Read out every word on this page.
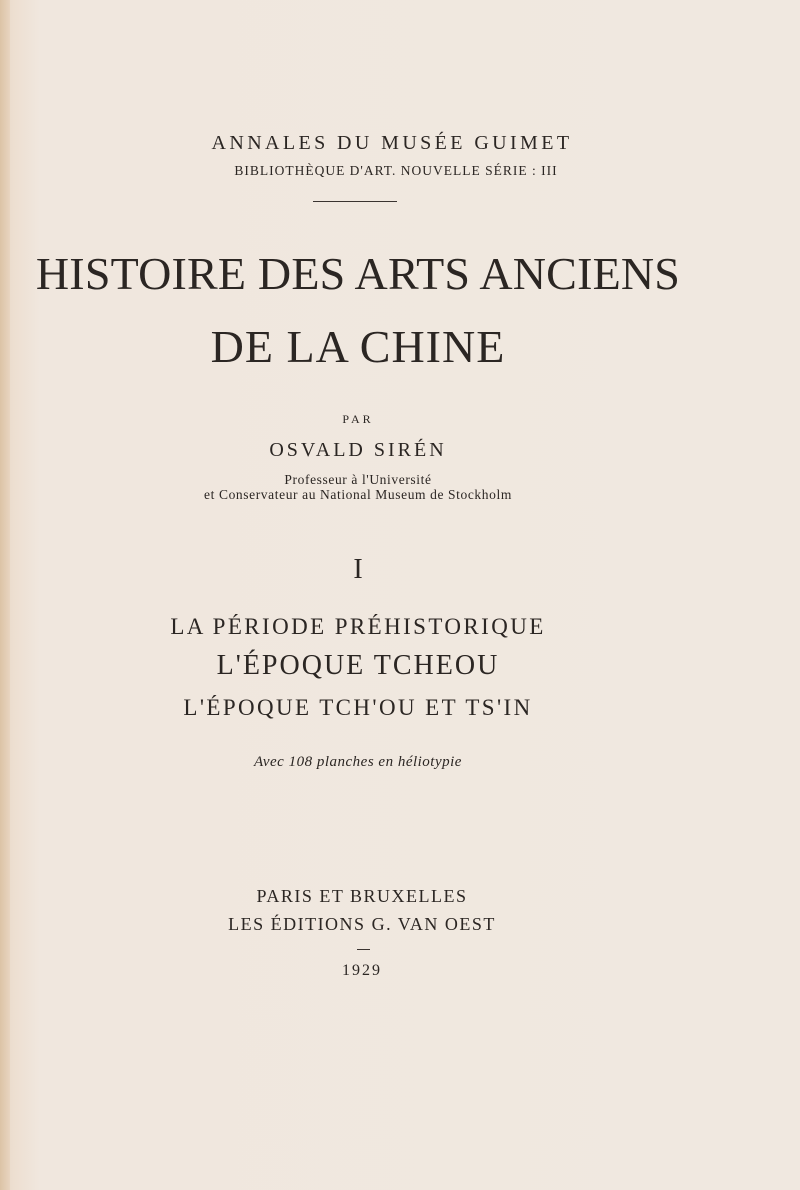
ANNALES DU MUSÉE GUIMET
BIBLIOTHÈQUE D'ART. NOUVELLE SÉRIE : III
HISTOIRE DES ARTS ANCIENS
DE LA CHINE
PAR
OSVALD SIRÉN
Professeur à l'Université
et Conservateur au National Museum de Stockholm
I
LA PÉRIODE PRÉHISTORIQUE
L'ÉPOQUE TCHEOU
L'ÉPOQUE TCH'OU ET TS'IN
Avec 108 planches en héliotypie
PARIS ET BRUXELLES
LES ÉDITIONS G. VAN OEST
1929
